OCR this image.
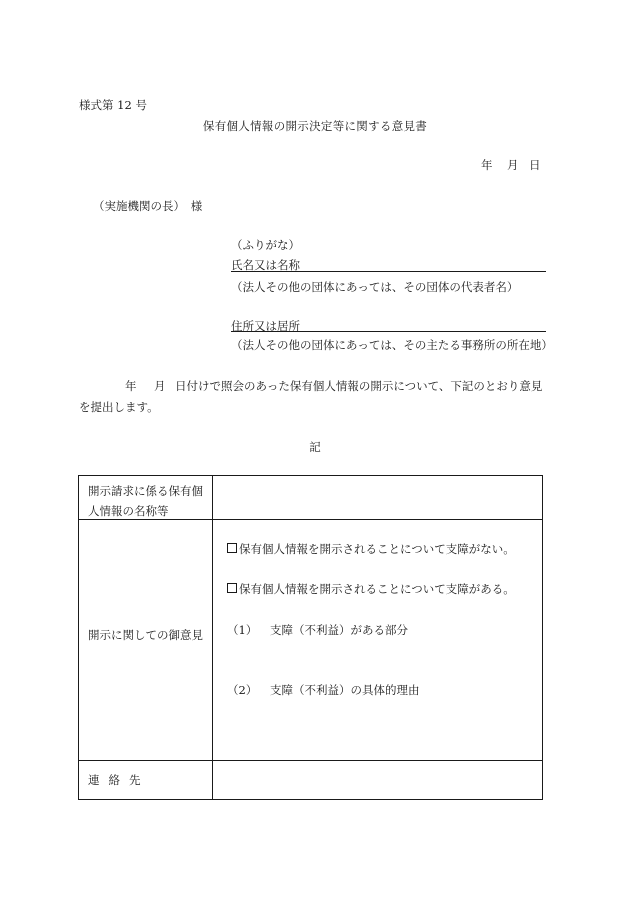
様式第 12 号
保有個人情報の開示決定等に関する意見書
年 月 日
（実施機関の長）　様
（ふりがな）
氏名又は名称
（法人その他の団体にあっては、その団体の代表者名）
住所又は居所
（法人その他の団体にあっては、その主たる事務所の所在地）
年 月 日付けで照会のあった保有個人情報の開示について、下記のとおり意見
を提出します。
記
開示請求に係る保有個人情報の名称等
開示に関しての御意見
保有個人情報を開示されることについて支障がない。
保有個人情報を開示されることについて支障がある。
（1） 支障（不利益）がある部分
（2） 支障（不利益）の具体的理由
連絡先
